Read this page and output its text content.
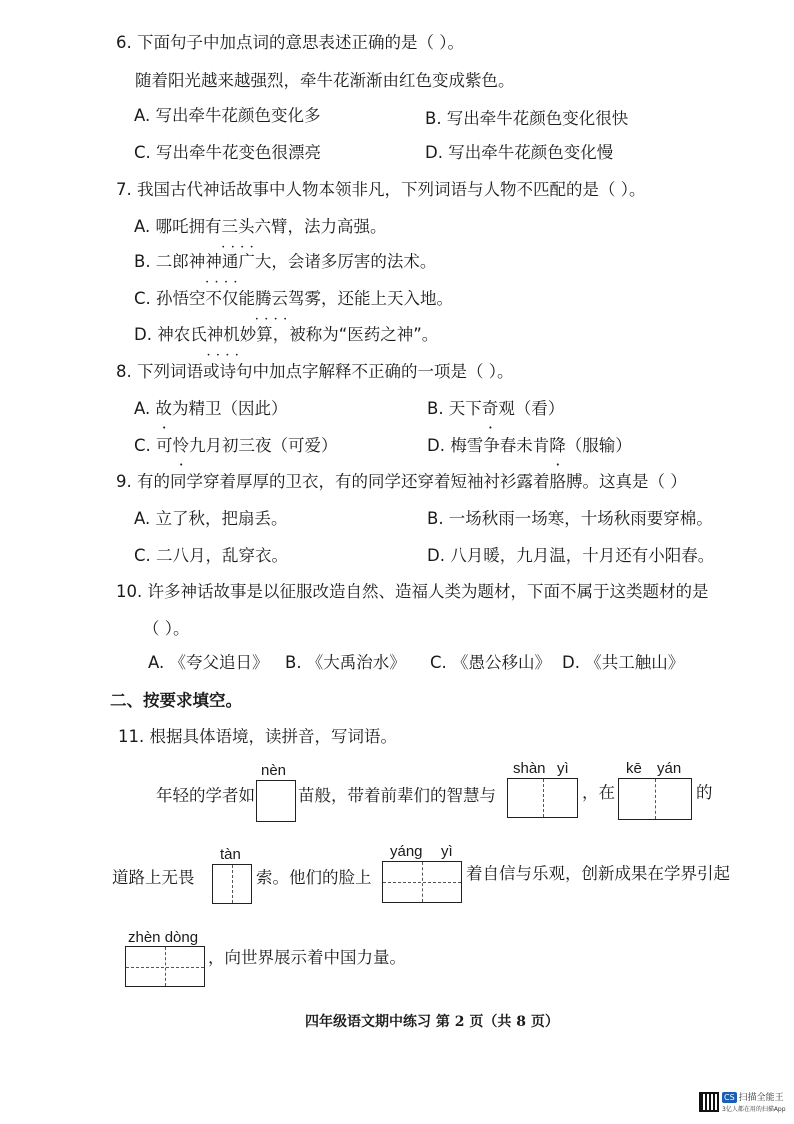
6. 下面句子中加点词的意思表述正确的是（ ）。
随着阳光越来越强烈，牵牛花渐渐由红色变成紫色。
A. 写出牵牛花颜色变化多	B. 写出牵牛花颜色变化很快
C. 写出牵牛花变色很漂亮	D. 写出牵牛花颜色变化慢
7. 我国古代神话故事中人物本领非凡，下列词语与人物不匹配的是（ ）。
A. 哪吒拥有三头六臂 • • • •，法力高强。
B. 二郎神神通广大 • • • •，会诸多厉害的法术。
C. 孙悟空不仅能腾云驾雾 • • • •，还能上天入地。
D. 神农氏神机妙算 • • • •，被称为“医药之神”。
8. 下列词语或诗句中加点字解释不正确的一项是（ ）。
A. 故为精卫（因此）	B. 天下奇观（看）
C. 可怜九月初三夜（可爱）	D. 梅雪争春未肯降（服输）
9. 有的同学穿着厚厚的卫衣，有的同学还穿着短袖衬衫露着胳膊。这真是（ ）
A. 立了秋，把扇丢。	B. 一场秋雨一场寒，十场秋雨要穿棉。
C. 二八月，乱穿衣。	D. 八月暖，九月温，十月还有小阳春。
10. 许多神话故事是以征服改造自然、造福人类为题材，下面不属于这类题材的是
（ ）。
A. 《夸父追日》 B. 《大禹治水》 C. 《愚公移山》 D. 《共工触山》
二、按要求填空。
11. 根据具体语境，读拼音，写词语。
年轻的学者如
nèn
苗般，带着前辈们的智慧与
shàn yì
，在
kē yán
的
道路上无畏
tàn
索。他们的脸上
yáng yì
着自信与乐观，创新成果在学界引起
zhèn dòng
，向世界展示着中国力量。
四年级语文期中练习 第 2 页（共 8 页）
CS 扫描全能王
3亿人都在用的扫描App
